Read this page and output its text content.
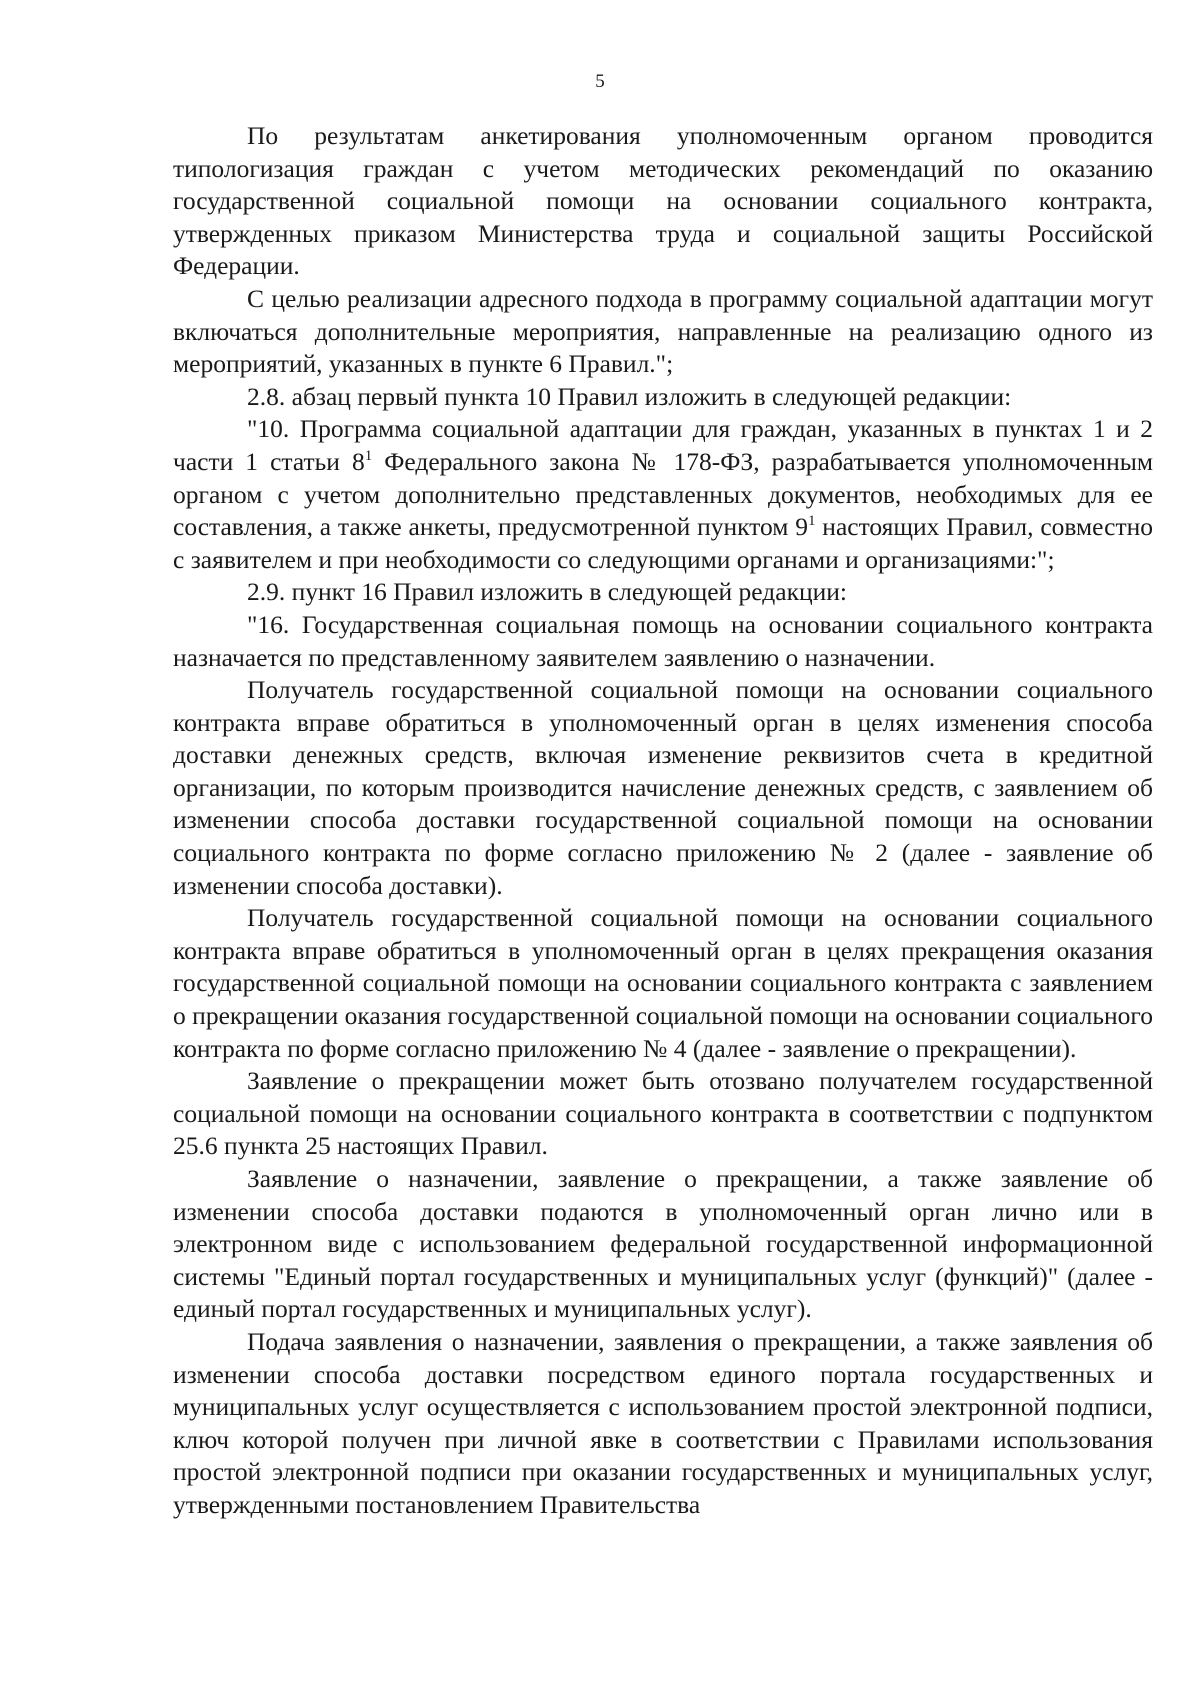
5

По результатам анкетирования уполномоченным органом проводится типологизация граждан с учетом методических рекомендаций по оказанию государственной социальной помощи на основании социального контракта, утвержденных приказом Министерства труда и социальной защиты Российской Федерации.

С целью реализации адресного подхода в программу социальной адаптации могут включаться дополнительные мероприятия, направленные на реализацию одного из мероприятий, указанных в пункте 6 Правил.";

2.8. абзац первый пункта 10 Правил изложить в следующей редакции:

"10. Программа социальной адаптации для граждан, указанных в пунктах 1 и 2 части 1 статьи $8^1$ Федерального закона № 178-ФЗ, разрабатывается уполномоченным органом с учетом дополнительно представленных документов, необходимых для ее составления, а также анкеты, предусмотренной пунктом $9^1$ настоящих Правил, совместно с заявителем и при необходимости со следующими органами и организациями:";

2.9. пункт 16 Правил изложить в следующей редакции:

"16. Государственная социальная помощь на основании социального контракта назначается по представленному заявителем заявлению о назначении.

Получатель государственной социальной помощи на основании социального контракта вправе обратиться в уполномоченный орган в целях изменения способа доставки денежных средств, включая изменение реквизитов счета в кредитной организации, по которым производится начисление денежных средств, с заявлением об изменении способа доставки государственной социальной помощи на основании социального контракта по форме согласно приложению № 2 (далее - заявление об изменении способа доставки).

Получатель государственной социальной помощи на основании социального контракта вправе обратиться в уполномоченный орган в целях прекращения оказания государственной социальной помощи на основании социального контракта с заявлением о прекращении оказания государственной социальной помощи на основании социального контракта по форме согласно приложению № 4 (далее - заявление о прекращении).

Заявление о прекращении может быть отозвано получателем государственной социальной помощи на основании социального контракта в соответствии с подпунктом 25.6 пункта 25 настоящих Правил.

Заявление о назначении, заявление о прекращении, а также заявление об изменении способа доставки подаются в уполномоченный орган лично или в электронном виде с использованием федеральной государственной информационной системы "Единый портал государственных и муниципальных услуг (функций)" (далее - единый портал государственных и муниципальных услуг).

Подача заявления о назначении, заявления о прекращении, а также заявления об изменении способа доставки посредством единого портала государственных и муниципальных услуг осуществляется с использованием простой электронной подписи, ключ которой получен при личной явке в соответствии с Правилами использования простой электронной подписи при оказании государственных и муниципальных услуг, утвержденными постановлением Правительства
